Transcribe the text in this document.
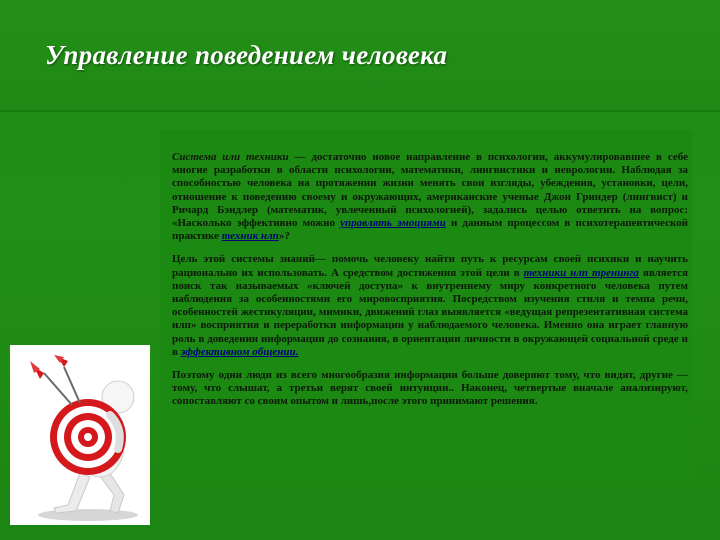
Управление поведением человека

Система или техники — достаточно новое направление в психологии, аккумулировавшее в себе многие разработки в области психологии, математики, лингвистики и неврологии. Наблюдая за способностью человека на протяжении жизни менять свои взгляды, убеждения, установки, цели, отношение к поведению своему и окружающих, американские ученые Джон Гриндер (лингвист) и Ричард Бэндлер (математик, увлеченный психологией), задались целью ответить на вопрос: «Насколько эффективно можно управлять эмоциями и данным процессом в психотерапевтической практике техник нлп»?

Цель этой системы знаний— помочь человеку найти путь к ресурсам своей психики и научить рационально их использовать. А средством достижения этой цели в техники нлп тренинга является поиск так называемых «ключей доступа» к внутреннему миру конкретного человека путем наблюдения за особенностями его мировосприятия. Посредством изучения стиля и темпа речи, особенностей жестикуляции, мимики, движений глаз выявляется «ведущая репрезентативная система нлп» восприятия и переработки информации у наблюдаемого человека. Именно она играет главную роль в доведении информации до сознания, в ориентации личности в окружающей социальной среде и в эффективном общении.

Поэтому одни люди из всего многообразия информации больше доверяют тому, что видят, другие — тому, что слышат, а третьи верят своей интуиции.. Наконец, четвертые вначале анализируют, сопоставляют со своим опытом и лишь,после этого принимают решения.
